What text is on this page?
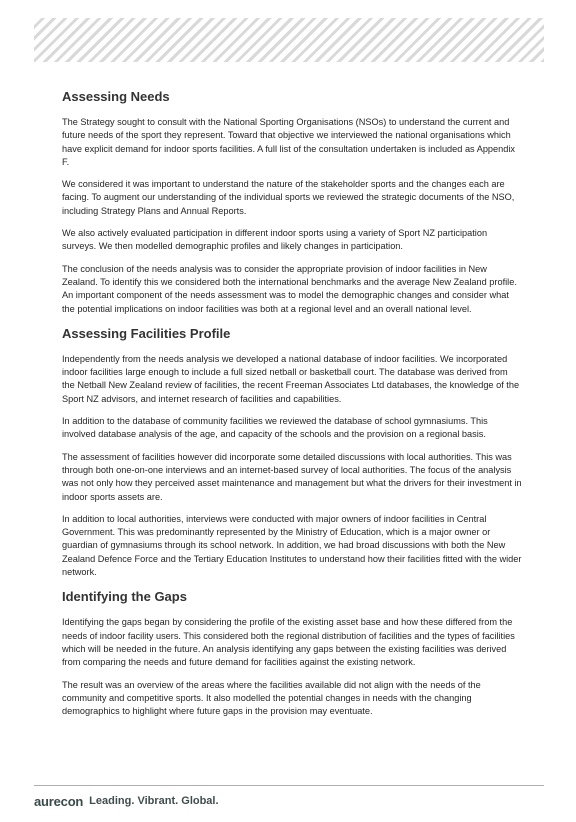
Assessing Needs

The Strategy sought to consult with the National Sporting Organisations (NSOs) to understand the current and future needs of the sport they represent. Toward that objective we interviewed the national organisations which have explicit demand for indoor sports facilities. A full list of the consultation undertaken is included as Appendix F.

We considered it was important to understand the nature of the stakeholder sports and the changes each are facing. To augment our understanding of the individual sports we reviewed the strategic documents of the NSO, including Strategy Plans and Annual Reports.

We also actively evaluated participation in different indoor sports using a variety of Sport NZ participation surveys. We then modelled demographic profiles and likely changes in participation.

The conclusion of the needs analysis was to consider the appropriate provision of indoor facilities in New Zealand. To identify this we considered both the international benchmarks and the average New Zealand profile. An important component of the needs assessment was to model the demographic changes and consider what the potential implications on indoor facilities was both at a regional level and an overall national level.

Assessing Facilities Profile

Independently from the needs analysis we developed a national database of indoor facilities. We incorporated indoor facilities large enough to include a full sized netball or basketball court. The database was derived from the Netball New Zealand review of facilities, the recent Freeman Associates Ltd databases, the knowledge of the Sport NZ advisors, and internet research of facilities and capabilities.

In addition to the database of community facilities we reviewed the database of school gymnasiums. This involved database analysis of the age, and capacity of the schools and the provision on a regional basis.

The assessment of facilities however did incorporate some detailed discussions with local authorities. This was through both one-on-one interviews and an internet-based survey of local authorities. The focus of the analysis was not only how they perceived asset maintenance and management but what the drivers for their investment in indoor sports assets are.

In addition to local authorities, interviews were conducted with major owners of indoor facilities in Central Government. This was predominantly represented by the Ministry of Education, which is a major owner or guardian of gymnasiums through its school network. In addition, we had broad discussions with both the New Zealand Defence Force and the Tertiary Education Institutes to understand how their facilities fitted with the wider network.

Identifying the Gaps

Identifying the gaps began by considering the profile of the existing asset base and how these differed from the needs of indoor facility users. This considered both the regional distribution of facilities and the types of facilities which will be needed in the future. An analysis identifying any gaps between the existing facilities was derived from comparing the needs and future demand for facilities against the existing network.

The result was an overview of the areas where the facilities available did not align with the needs of the community and competitive sports. It also modelled the potential changes in needs with the changing demographics to highlight where future gaps in the provision may eventuate.

aurecon Leading. Vibrant. Global.
